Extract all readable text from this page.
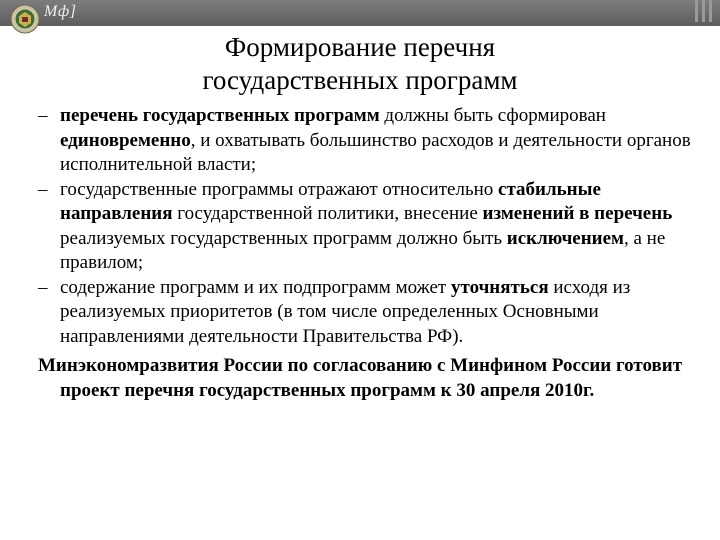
Мф]
Формирование перечня
государственных программ

– перечень государственных программ должны быть сформирован единовременно, и охватывать большинство расходов и деятельности органов исполнительной власти;

– государственные программы отражают относительно стабильные направления государственной политики, внесение изменений в перечень реализуемых государственных программ должно быть исключением, а не правилом;

– содержание программ и их подпрограмм может уточняться исходя из реализуемых приоритетов (в том числе определенных Основными направлениями деятельности Правительства РФ).

Минэкономразвития России по согласованию с Минфином России готовит проект перечня государственных программ к 30 апреля 2010г.
